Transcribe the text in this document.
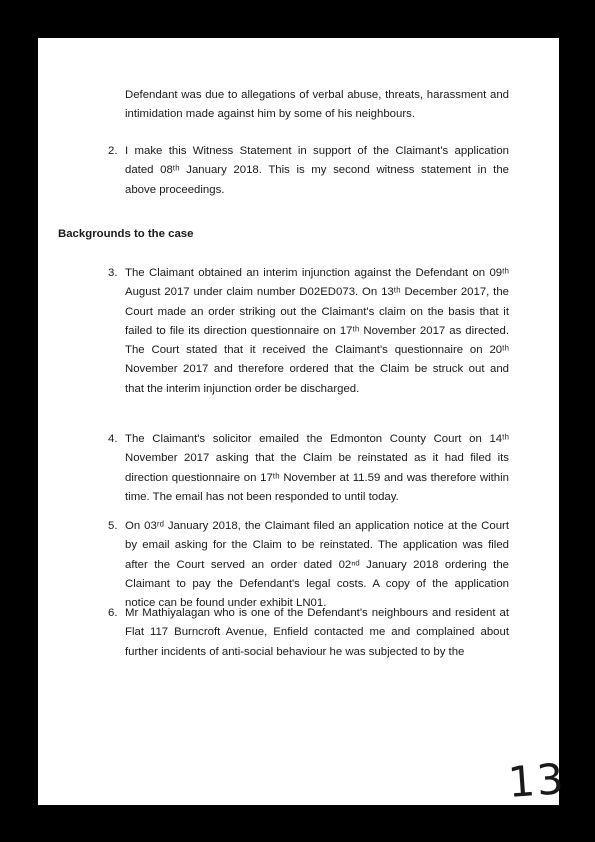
Defendant was due to allegations of verbal abuse, threats, harassment and
intimidation made against him by some of his neighbours.
2. I make this Witness Statement in support of the Claimant's application
dated 08ᵗʰ January 2018. This is my second witness statement in the
above proceedings.
Backgrounds to the case
3. The Claimant obtained an interim injunction against the Defendant on 09ᵗʰ
August 2017 under claim number D02ED073. On 13ᵗʰ December 2017, the
Court made an order striking out the Claimant's claim on the basis that it
failed to file its direction questionnaire on 17ᵗʰ November 2017 as directed.
The Court stated that it received the Claimant's questionnaire on 20ᵗʰ
November 2017 and therefore ordered that the Claim be struck out and
that the interim injunction order be discharged.
4. The Claimant's solicitor emailed the Edmonton County Court on 14ᵗʰ
November 2017 asking that the Claim be reinstated as it had filed its
direction questionnaire on 17ᵗʰ November at 11.59 and was therefore within
time. The email has not been responded to until today.
5. On 03ʳᵈ January 2018, the Claimant filed an application notice at the Court
by email asking for the Claim to be reinstated. The application was filed
after the Court served an order dated 02ⁿᵈ January 2018 ordering the
Claimant to pay the Defendant's legal costs. A copy of the application
notice can be found under exhibit LN01.
6. Mr Mathiyalagan who is one of the Defendant's neighbours and resident at
Flat 117 Burncroft Avenue, Enfield contacted me and complained about
further incidents of anti-social behaviour he was subjected to by the
13
